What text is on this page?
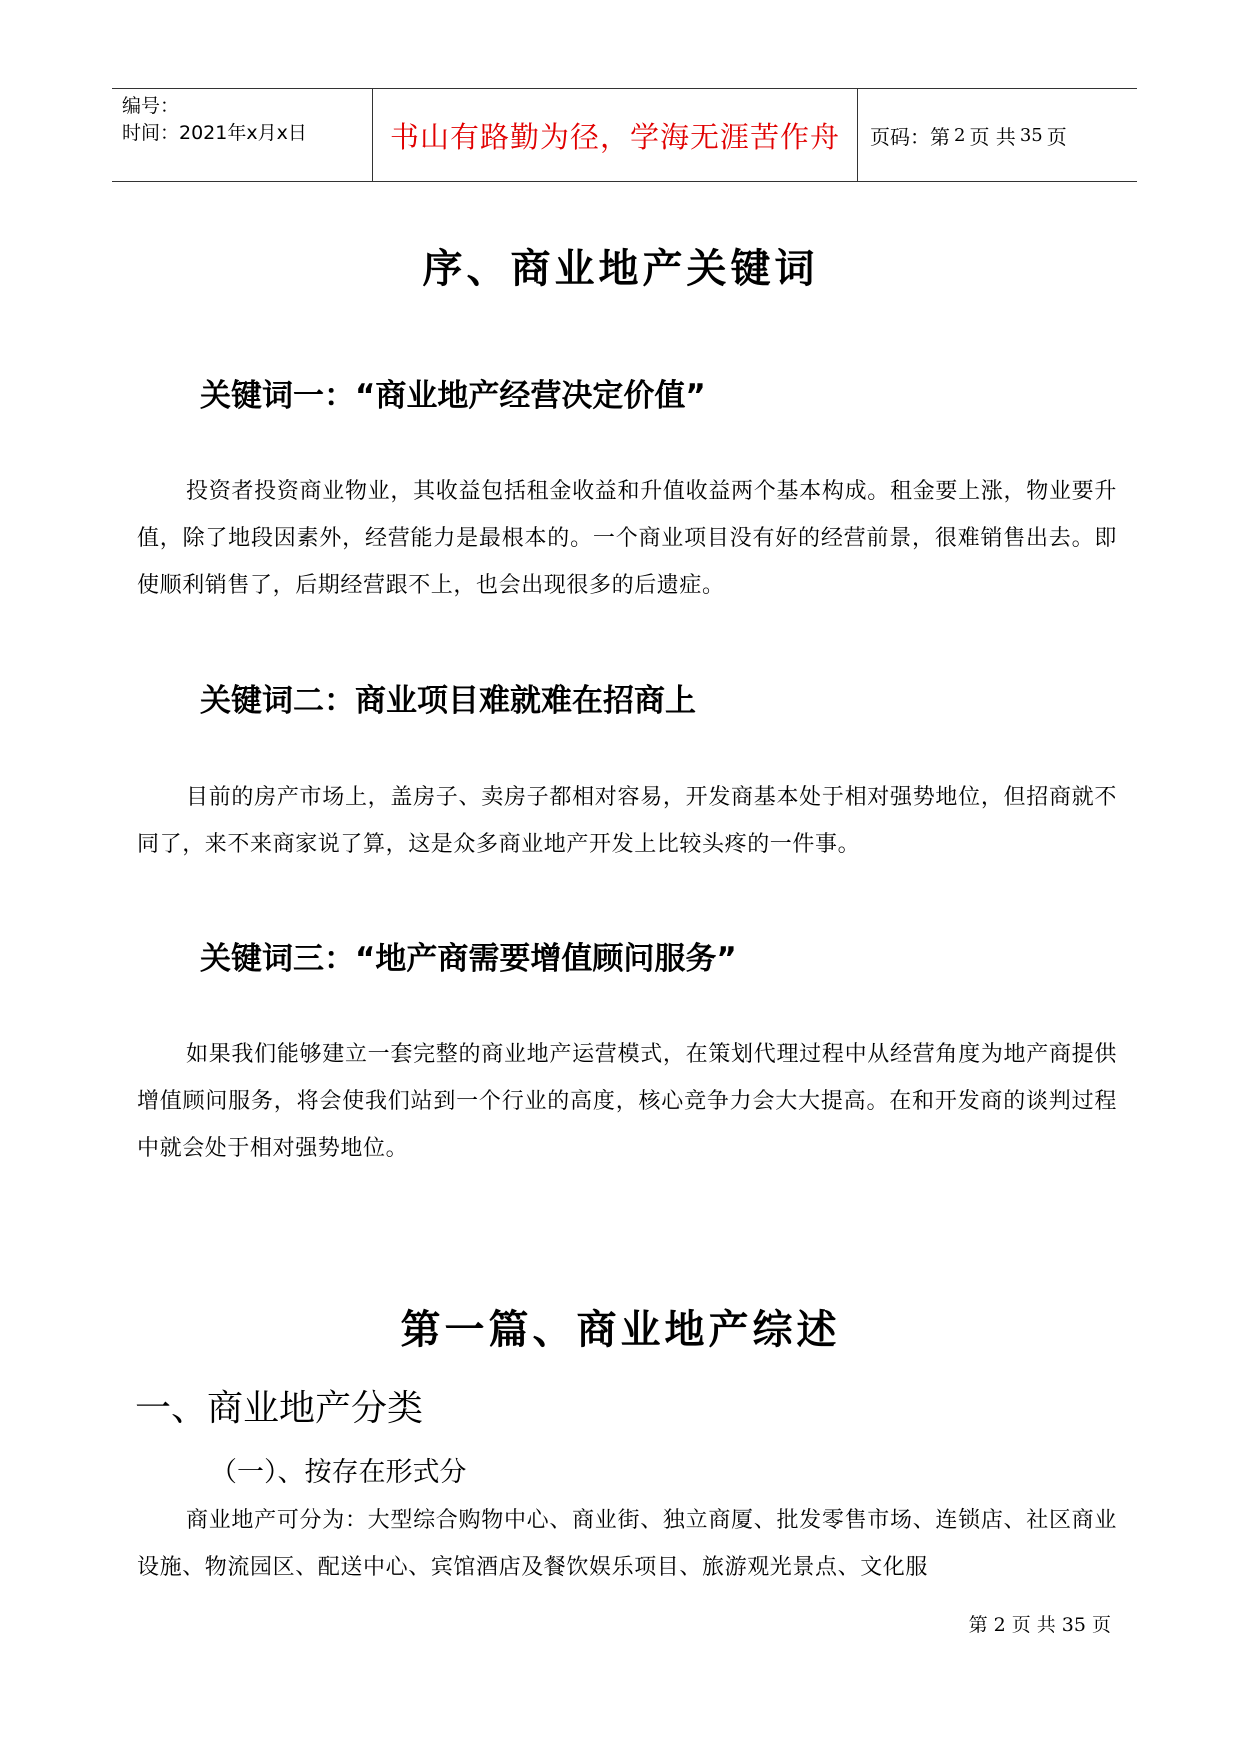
编号：
时间：2021年x月x日	书山有路勤为径，学海无涯苦作舟	页码：第 2 页 共 35 页
序、商业地产关键词
关键词一：“商业地产经营决定价值”
投资者投资商业物业，其收益包括租金收益和升值收益两个基本构成。租金要上涨，物业要升值，除了地段因素外，经营能力是最根本的。一个商业项目没有好的经营前景，很难销售出去。即使顺利销售了，后期经营跟不上，也会出现很多的后遗症。
关键词二：商业项目难就难在招商上
目前的房产市场上，盖房子、卖房子都相对容易，开发商基本处于相对强势地位，但招商就不同了，来不来商家说了算，这是众多商业地产开发上比较头疼的一件事。
关键词三：“地产商需要增值顾问服务”
如果我们能够建立一套完整的商业地产运营模式，在策划代理过程中从经营角度为地产商提供增值顾问服务，将会使我们站到一个行业的高度，核心竞争力会大大提高。在和开发商的谈判过程中就会处于相对强势地位。
第一篇、商业地产综述
一、商业地产分类
（一）、按存在形式分
商业地产可分为：大型综合购物中心、商业街、独立商厦、批发零售市场、连锁店、社区商业设施、物流园区、配送中心、宾馆酒店及餐饮娱乐项目、旅游观光景点、文化服
第 2 页 共 35 页
